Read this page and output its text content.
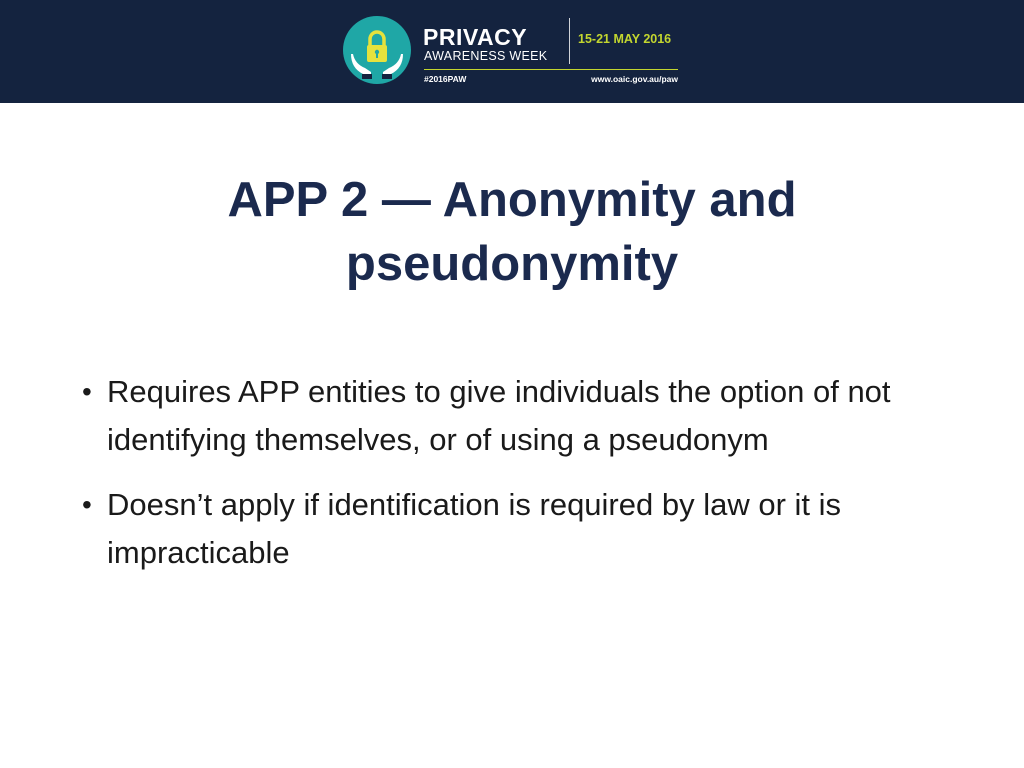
PRIVACY
AWARENESS WEEK
15-21 MAY 2016
#2016PAW	www.oaic.gov.au/paw
APP 2 — Anonymity and
pseudonymity
• Requires APP entities to give individuals the option of not identifying themselves, or of using a pseudonym
• Doesn’t apply if identification is required by law or it is impracticable
